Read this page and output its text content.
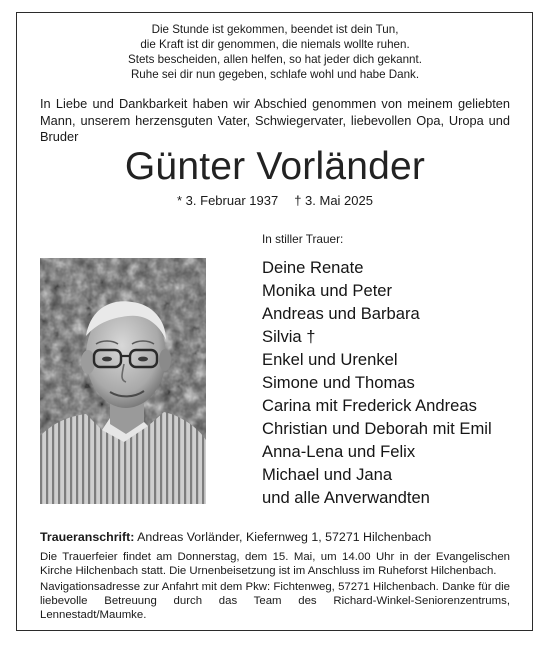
Die Stunde ist gekommen, beendet ist dein Tun,
die Kraft ist dir genommen, die niemals wollte ruhen.
Stets bescheiden, allen helfen, so hat jeder dich gekannt.
Ruhe sei dir nun gegeben, schlafe wohl und habe Dank.
In Liebe und Dankbarkeit haben wir Abschied genommen von meinem geliebten Mann, unserem herzensguten Vater, Schwiegervater, liebevollen Opa, Uropa und Bruder
Günter Vorländer
* 3. Februar 1937 † 3. Mai 2025
In stiller Trauer:
Deine Renate
Monika und Peter
Andreas und Barbara
Silvia †
Enkel und Urenkel
Simone und Thomas
Carina mit Frederick Andreas
Christian und Deborah mit Emil
Anna-Lena und Felix
Michael und Jana
und alle Anverwandten
Traueranschrift: Andreas Vorländer, Kiefernweg 1, 57271 Hilchenbach
Die Trauerfeier findet am Donnerstag, dem 15. Mai, um 14.00 Uhr in der Evangelischen Kirche Hilchenbach statt. Die Urnenbeisetzung ist im Anschluss im Ruheforst Hilchenbach.
Navigationsadresse zur Anfahrt mit dem Pkw: Fichtenweg, 57271 Hilchenbach. Danke für die liebevolle Betreuung durch das Team des Richard-Winkel-Seniorenzentrums, Lennestadt/Maumke.
